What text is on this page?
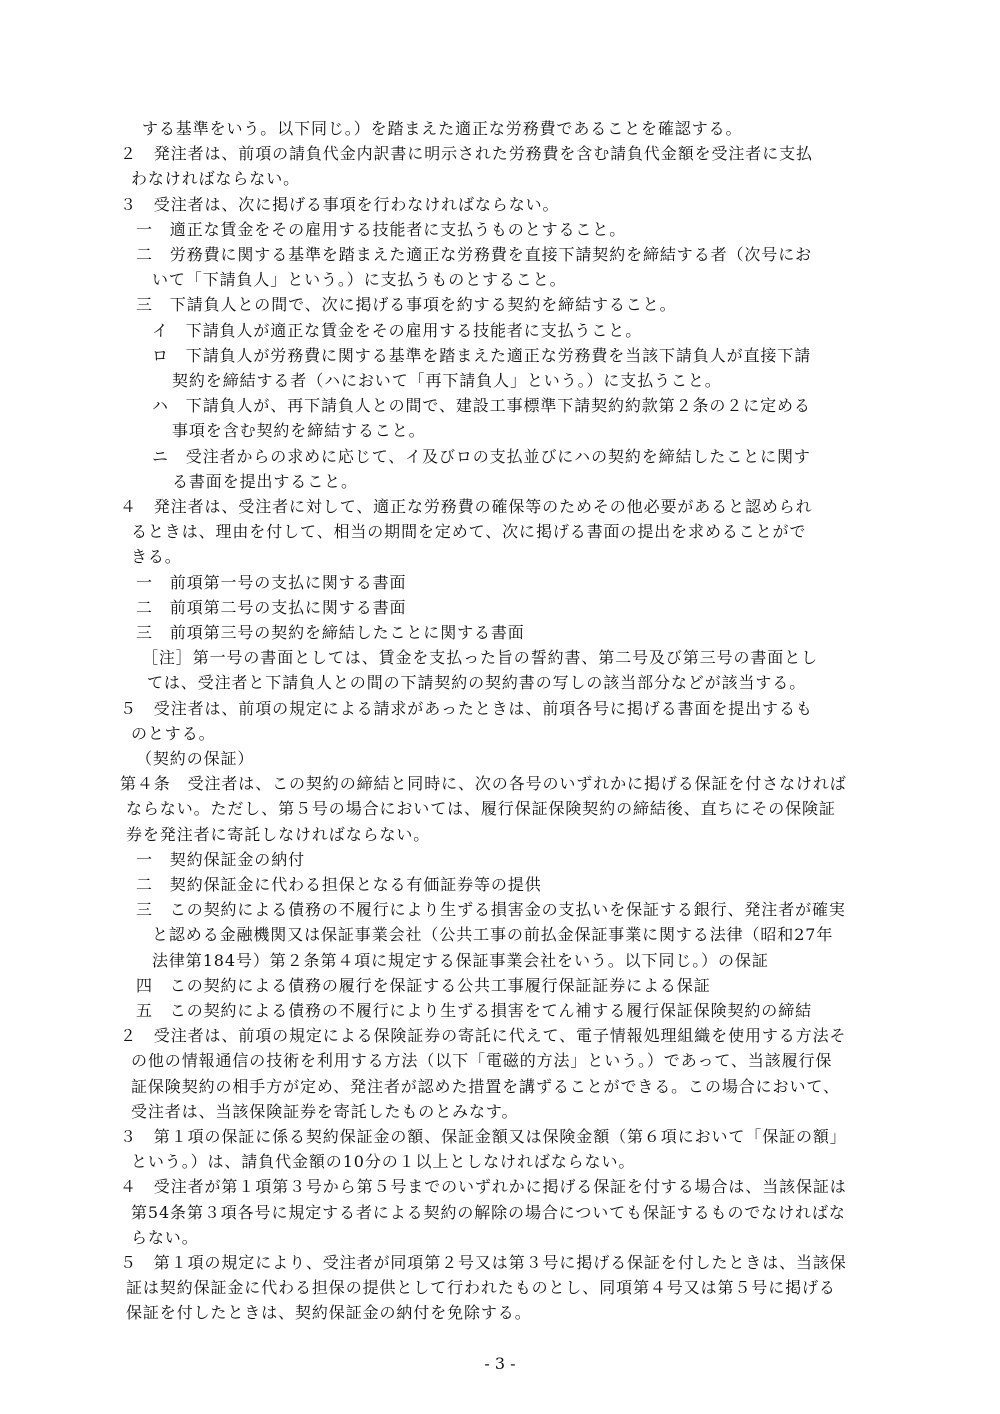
する基準をいう。以下同じ。）を踏まえた適正な労務費であることを確認する。
２　発注者は、前項の請負代金内訳書に明示された労務費を含む請負代金額を受注者に支払
わなければならない。
３　受注者は、次に掲げる事項を行わなければならない。
一　適正な賃金をその雇用する技能者に支払うものとすること。
二　労務費に関する基準を踏まえた適正な労務費を直接下請契約を締結する者（次号にお
いて「下請負人」という。）に支払うものとすること。
三　下請負人との間で、次に掲げる事項を約する契約を締結すること。
イ　下請負人が適正な賃金をその雇用する技能者に支払うこと。
ロ　下請負人が労務費に関する基準を踏まえた適正な労務費を当該下請負人が直接下請
契約を締結する者（ハにおいて「再下請負人」という。）に支払うこと。
ハ　下請負人が、再下請負人との間で、建設工事標準下請契約約款第２条の２に定める
事項を含む契約を締結すること。
ニ　受注者からの求めに応じて、イ及びロの支払並びにハの契約を締結したことに関す
る書面を提出すること。
４　発注者は、受注者に対して、適正な労務費の確保等のためその他必要があると認められ
るときは、理由を付して、相当の期間を定めて、次に掲げる書面の提出を求めることがで
きる。
一　前項第一号の支払に関する書面
二　前項第二号の支払に関する書面
三　前項第三号の契約を締結したことに関する書面
［注］第一号の書面としては、賃金を支払った旨の誓約書、第二号及び第三号の書面とし
ては、受注者と下請負人との間の下請契約の契約書の写しの該当部分などが該当する。
５　受注者は、前項の規定による請求があったときは、前項各号に掲げる書面を提出するも
のとする。
（契約の保証）
第４条　受注者は、この契約の締結と同時に、次の各号のいずれかに掲げる保証を付さなければ
ならない。ただし、第５号の場合においては、履行保証保険契約の締結後、直ちにその保険証
券を発注者に寄託しなければならない。
一　契約保証金の納付
二　契約保証金に代わる担保となる有価証券等の提供
三　この契約による債務の不履行により生ずる損害金の支払いを保証する銀行、発注者が確実
と認める金融機関又は保証事業会社（公共工事の前払金保証事業に関する法律（昭和27年
法律第184号）第２条第４項に規定する保証事業会社をいう。以下同じ。）の保証
四　この契約による債務の履行を保証する公共工事履行保証証券による保証
五　この契約による債務の不履行により生ずる損害をてん補する履行保証保険契約の締結
２　受注者は、前項の規定による保険証券の寄託に代えて、電子情報処理組織を使用する方法そ
の他の情報通信の技術を利用する方法（以下「電磁的方法」という。）であって、当該履行保
証保険契約の相手方が定め、発注者が認めた措置を講ずることができる。この場合において、
受注者は、当該保険証券を寄託したものとみなす。
３　第１項の保証に係る契約保証金の額、保証金額又は保険金額（第６項において「保証の額」
という。）は、請負代金額の10分の１以上としなければならない。
４　受注者が第１項第３号から第５号までのいずれかに掲げる保証を付する場合は、当該保証は
第54条第３項各号に規定する者による契約の解除の場合についても保証するものでなければな
らない。
５　第１項の規定により、受注者が同項第２号又は第３号に掲げる保証を付したときは、当該保
証は契約保証金に代わる担保の提供として行われたものとし、同項第４号又は第５号に掲げる
保証を付したときは、契約保証金の納付を免除する。
- 3 -
